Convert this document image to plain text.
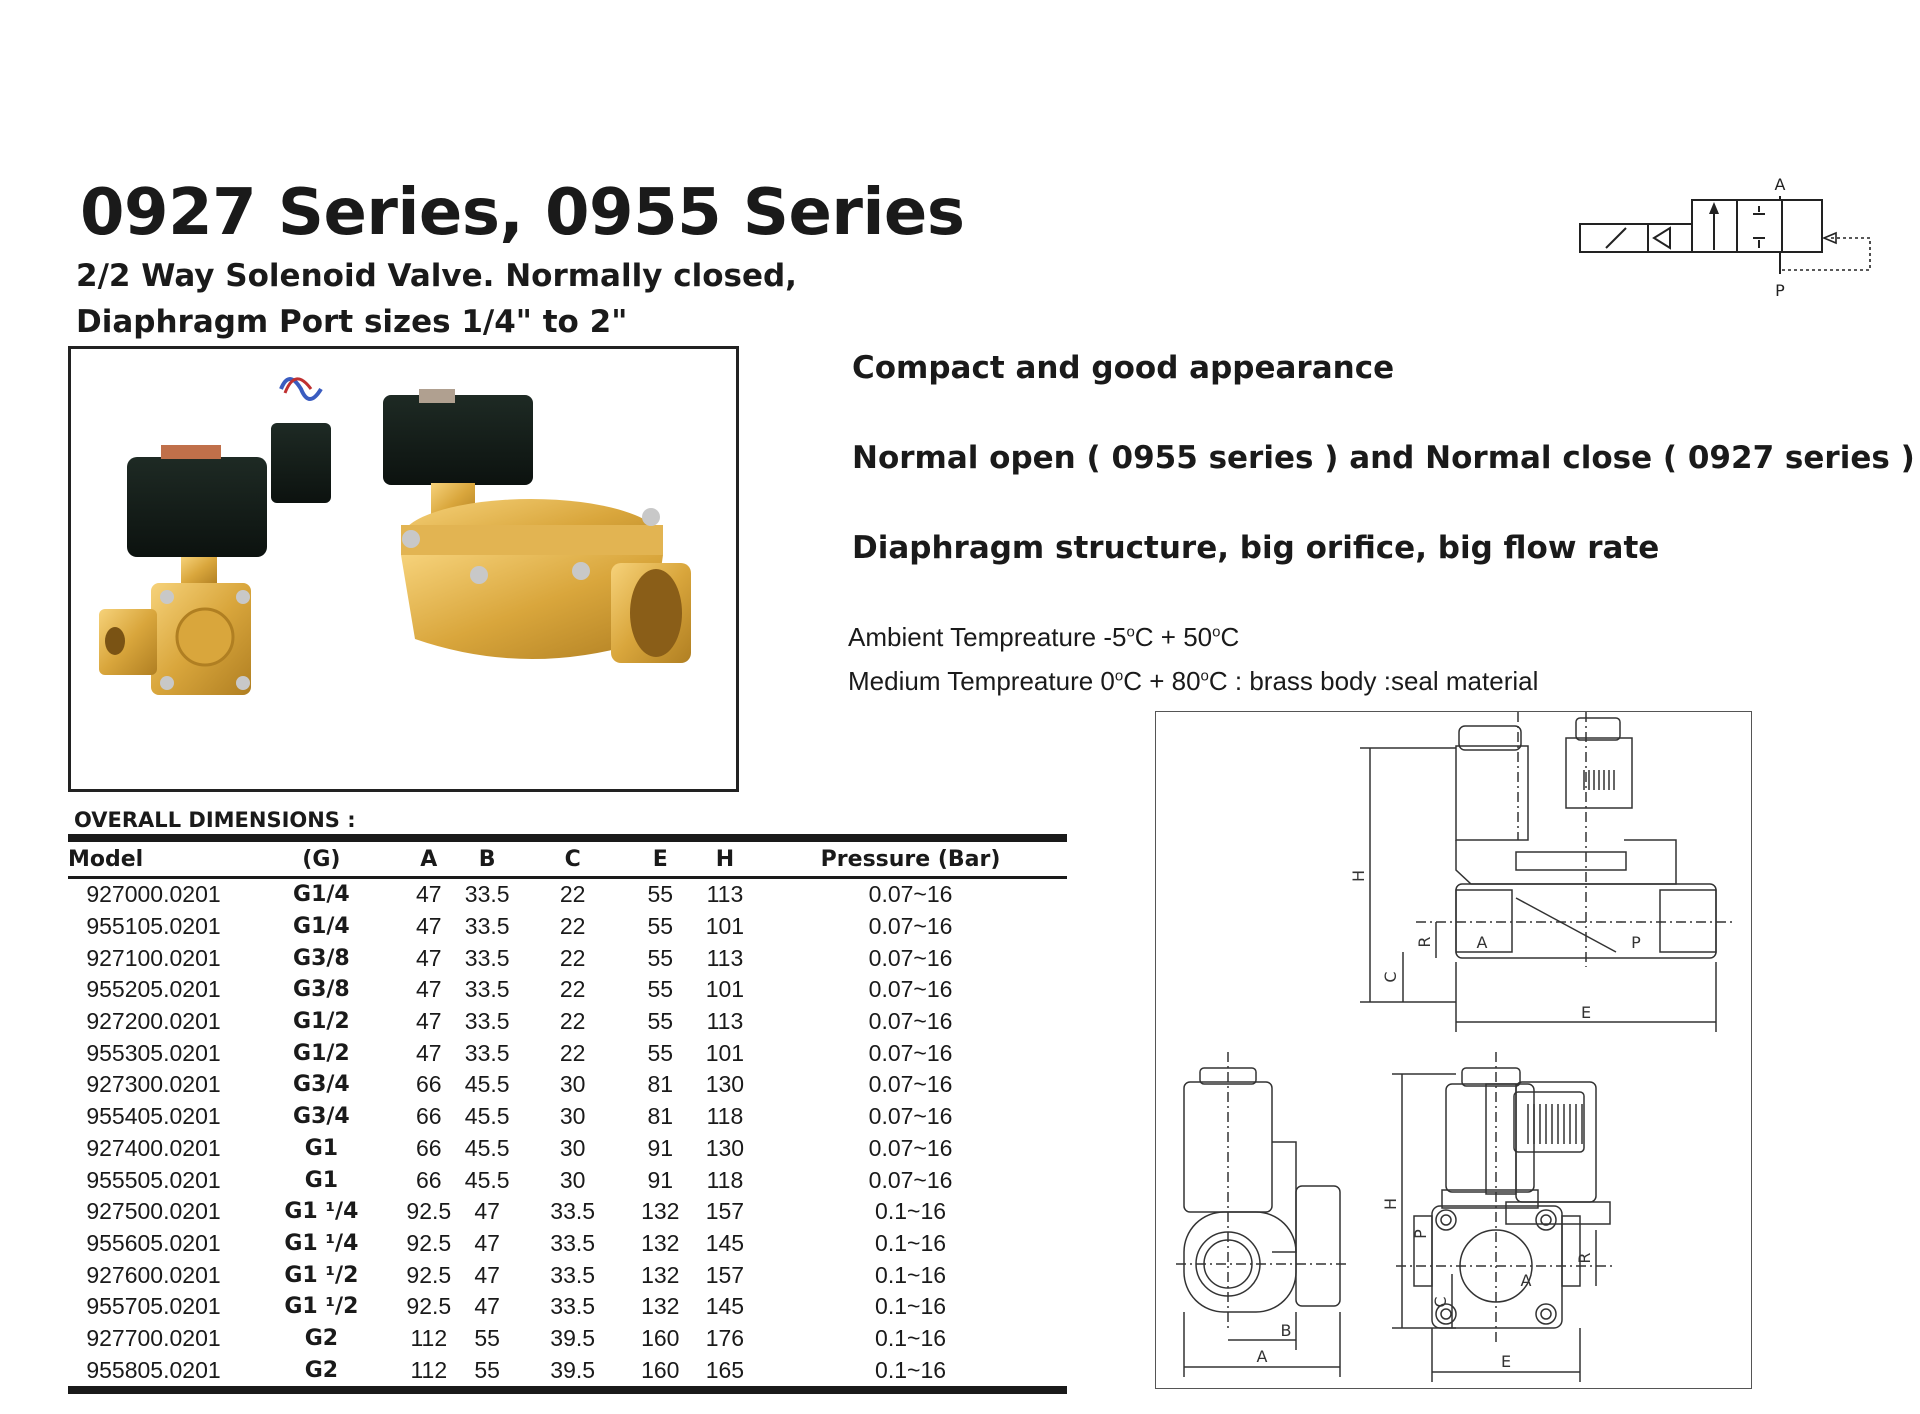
0927 Series, 0955 Series
2/2 Way Solenoid Valve. Normally closed,
Diaphragm Port sizes 1/4" to 2"
A
P
Compact and good appearance
Normal open ( 0955 series ) and Normal close ( 0927 series )
Diaphragm structure, big orifice, big flow rate
Ambient Tempreature $-5^oC + 50^oC$
Medium Tempreature $0^oC + 80^oC$ : brass body :seal material
OVERALL DIMENSIONS :
Model	(G)	A	B	C	E	H	Pressure (Bar)
927000.0201	G1/4	47	33.5	22	55	113	0.07~16
955105.0201	G1/4	47	33.5	22	55	101	0.07~16
927100.0201	G3/8	47	33.5	22	55	113	0.07~16
955205.0201	G3/8	47	33.5	22	55	101	0.07~16
927200.0201	G1/2	47	33.5	22	55	113	0.07~16
955305.0201	G1/2	47	33.5	22	55	101	0.07~16
927300.0201	G3/4	66	45.5	30	81	130	0.07~16
955405.0201	G3/4	66	45.5	30	81	118	0.07~16
927400.0201	G1	66	45.5	30	91	130	0.07~16
955505.0201	G1	66	45.5	30	91	118	0.07~16
927500.0201	G1 ¹/4	92.5	47	33.5	132	157	0.1~16
955605.0201	G1 ¹/4	92.5	47	33.5	132	145	0.1~16
927600.0201	G1 ¹/2	92.5	47	33.5	132	157	0.1~16
955705.0201	G1 ¹/2	92.5	47	33.5	132	145	0.1~16
927700.0201	G2	112	55	39.5	160	176	0.1~16
955805.0201	G2	112	55	39.5	160	165	0.1~16
H
C
R	A	P
E
A
B
H
C
P
A
R
E
